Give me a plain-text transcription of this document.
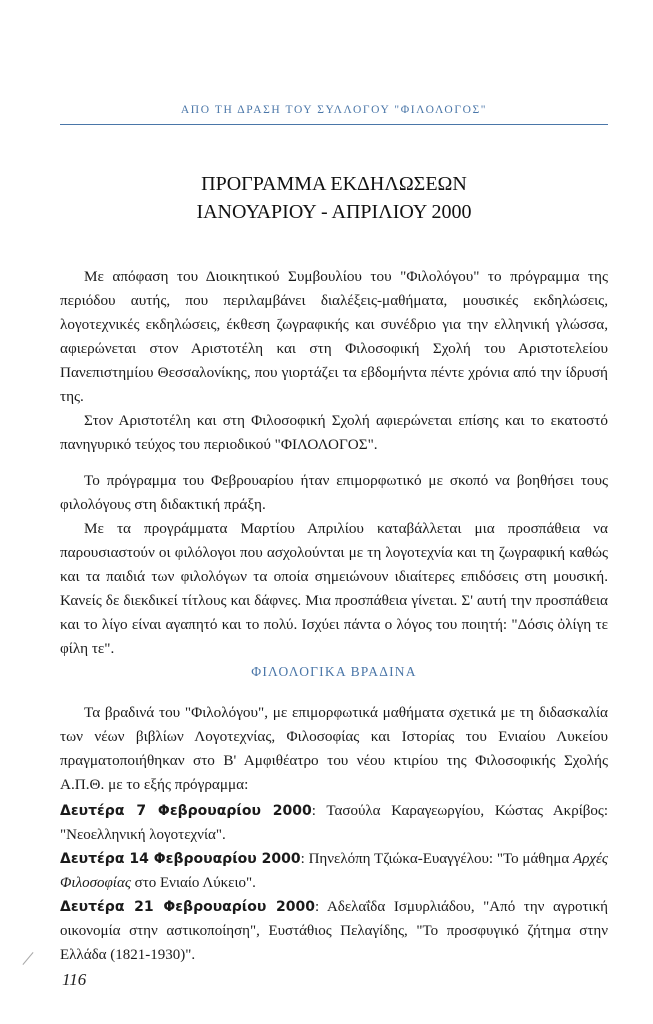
ΑΠΟ ΤΗ ΔΡΑΣΗ ΤΟΥ ΣΥΛΛΟΓΟΥ "ΦΙΛΟΛΟΓΟΣ"
ΠΡΟΓΡΑΜΜΑ ΕΚΔΗΛΩΣΕΩΝ
ΙΑΝΟΥΑΡΙΟΥ - ΑΠΡΙΛΙΟΥ 2000

Με απόφαση του Διοικητικού Συμβουλίου του "Φιλολόγου" το πρόγραμμα της περιόδου αυτής, που περιλαμβάνει διαλέξεις-μαθήματα, μουσικές εκδηλώσεις, λογοτεχνικές εκδηλώσεις, έκθεση ζωγραφικής και συνέδριο για την ελληνική γλώσσα, αφιερώνεται στον Αριστοτέλη και στη Φιλοσοφική Σχολή του Αριστοτελείου Πανεπιστημίου Θεσσαλονίκης, που γιορτάζει τα εβδομήντα πέντε χρόνια από την ίδρυσή της.

Στον Αριστοτέλη και στη Φιλοσοφική Σχολή αφιερώνεται επίσης και το εκατοστό πανηγυρικό τεύχος του περιοδικού "ΦΙΛΟΛΟΓΟΣ".

Το πρόγραμμα του Φεβρουαρίου ήταν επιμορφωτικό με σκοπό να βοηθήσει τους φιλολόγους στη διδακτική πράξη.

Με τα προγράμματα Μαρτίου Απριλίου καταβάλλεται μια προσπάθεια να παρουσιαστούν οι φιλόλογοι που ασχολούνται με τη λογοτεχνία και τη ζωγραφική καθώς και τα παιδιά των φιλολόγων τα οποία σημειώνουν ιδιαίτερες επιδόσεις στη μουσική. Κανείς δε διεκδικεί τίτλους και δάφνες. Μια προσπάθεια γίνεται. Σ' αυτή την προσπάθεια και το λίγο είναι αγαπητό και το πολύ. Ισχύει πάντα ο λόγος του ποιητή: "Δόσις ὀλίγη τε φίλη τε".

ΦΙΛΟΛΟΓΙΚΑ ΒΡΑΔΙΝΑ

Τα βραδινά του "Φιλολόγου", με επιμορφωτικά μαθήματα σχετικά με τη διδασκαλία των νέων βιβλίων Λογοτεχνίας, Φιλοσοφίας και Ιστορίας του Ενιαίου Λυκείου πραγματοποιήθηκαν στο Β' Αμφιθέατρο του νέου κτιρίου της Φιλοσοφικής Σχολής Α.Π.Θ. με το εξής πρόγραμμα:

Δευτέρα 7 Φεβρουαρίου 2000: Τασούλα Καραγεωργίου, Κώστας Ακρίβος: "Νεοελληνική λογοτεχνία".

Δευτέρα 14 Φεβρουαρίου 2000: Πηνελόπη Τζιώκα-Ευαγγέλου: "Το μάθημα Αρχές Φιλοσοφίας στο Ενιαίο Λύκειο".

Δευτέρα 21 Φεβρουαρίου 2000: Αδελαΐδα Ισμυρλιάδου, "Από την αγροτική οικονομία στην αστικοποίηση", Ευστάθιος Πελαγίδης, "Το προσφυγικό ζήτημα στην Ελλάδα (1821-1930)".

116
